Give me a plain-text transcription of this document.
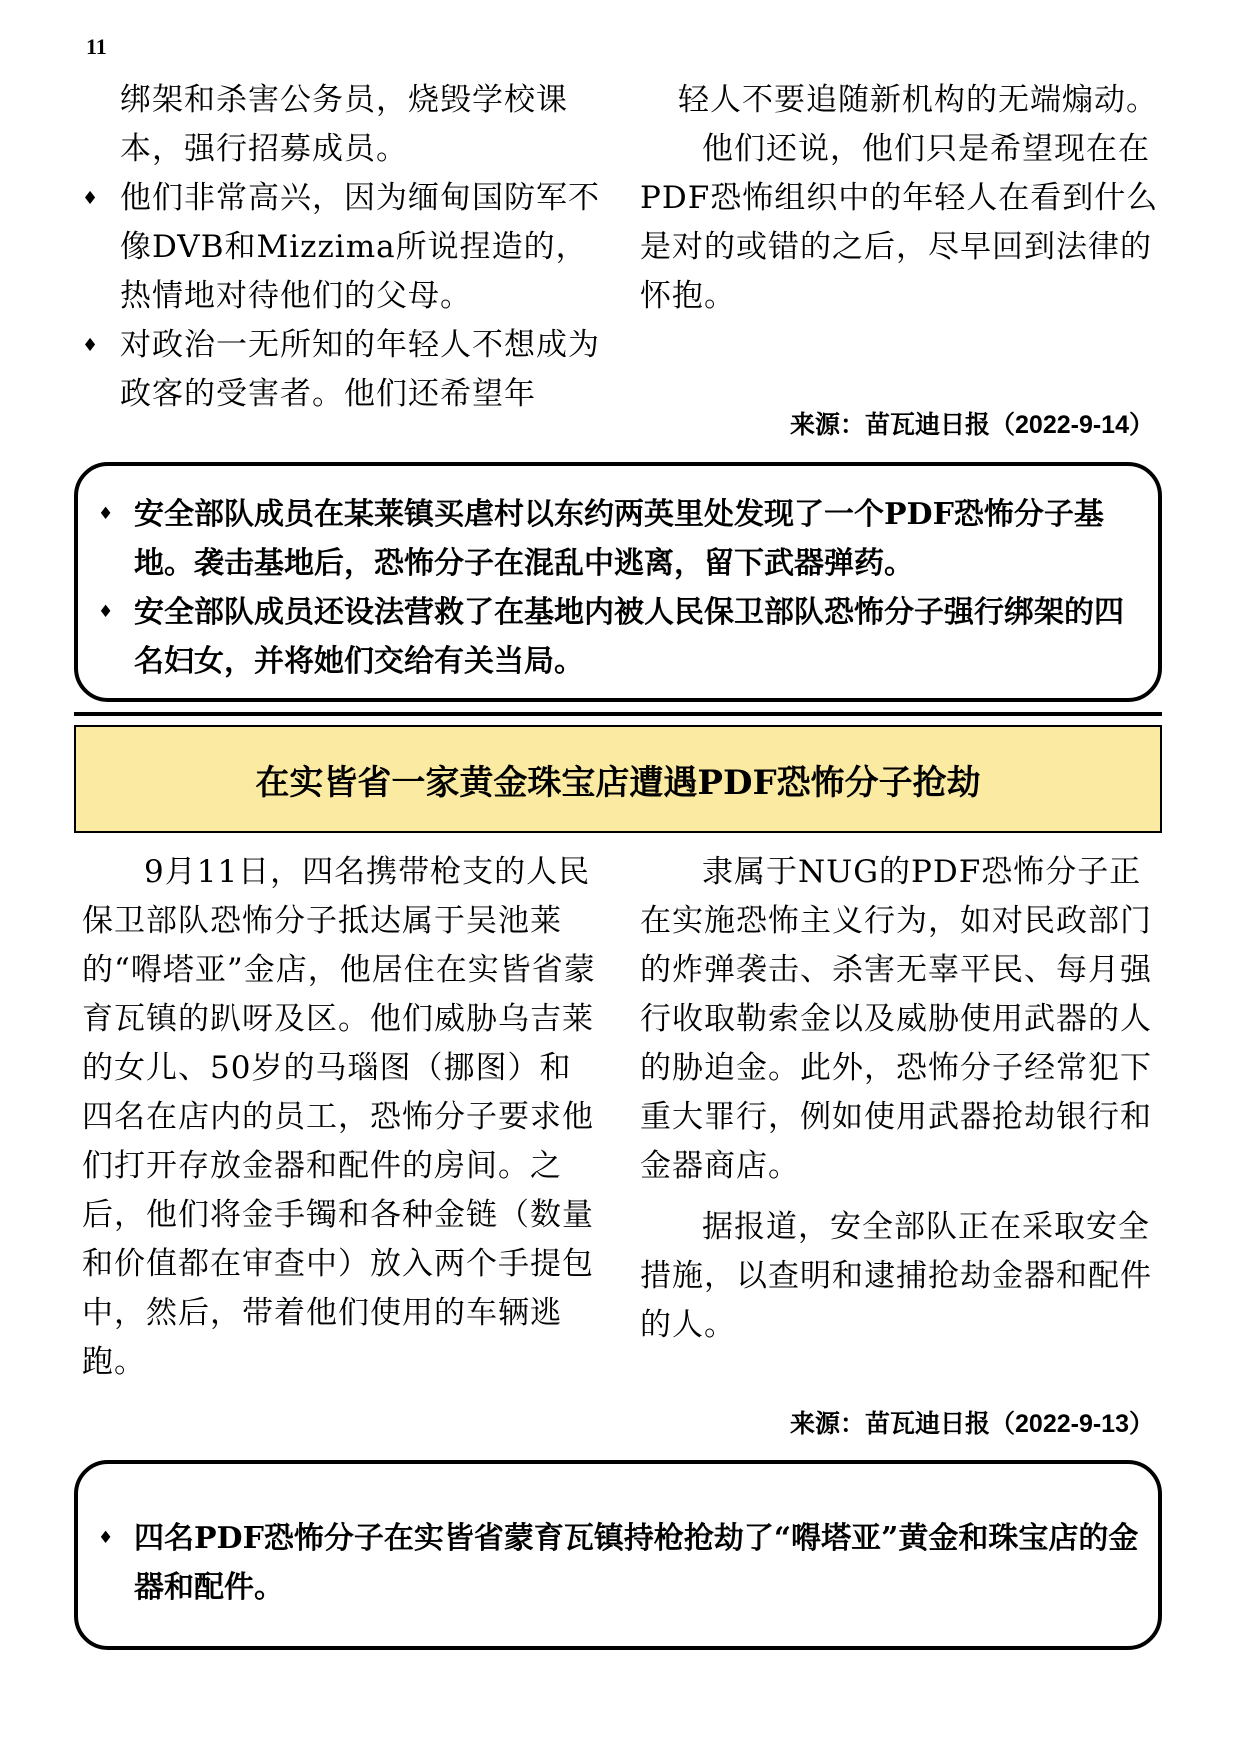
11

绑架和杀害公务员，烧毁学校课本，强行招募成员。

♦ 他们非常高兴，因为缅甸国防军不像DVB和Mizzima所说捏造的，热情地对待他们的父母。
♦ 对政治一无所知的年轻人不想成为政客的受害者。他们还希望年

轻人不要追随新机构的无端煽动。

他们还说，他们只是希望现在在PDF恐怖组织中的年轻人在看到什么是对的或错的之后，尽早回到法律的怀抱。

来源：苗瓦迪日报（2022-9-14）
♦ 安全部队成员在某莱镇买虐村以东约两英里处发现了一个PDF恐怖分子基地。袭击基地后，恐怖分子在混乱中逃离，留下武器弹药。
♦ 安全部队成员还设法营救了在基地内被人民保卫部队恐怖分子强行绑架的四名妇女，并将她们交给有关当局。
在实皆省一家黄金珠宝店遭遇PDF恐怖分子抢劫

9月11日，四名携带枪支的人民保卫部队恐怖分子抵达属于吴池莱的“嘚塔亚”金店，他居住在实皆省蒙育瓦镇的趴呀及区。他们威胁乌吉莱的女儿、50岁的马瑙图（挪图）和四名在店内的员工，恐怖分子要求他们打开存放金器和配件的房间。之后，他们将金手镯和各种金链（数量和价值都在审查中）放入两个手提包中，然后，带着他们使用的车辆逃跑。

隶属于NUG的PDF恐怖分子正在实施恐怖主义行为，如对民政部门的炸弹袭击、杀害无辜平民、每月强行收取勒索金以及威胁使用武器的人的胁迫金。此外，恐怖分子经常犯下重大罪行，例如使用武器抢劫银行和金器商店。

据报道，安全部队正在采取安全措施，以查明和逮捕抢劫金器和配件的人。

来源：苗瓦迪日报（2022-9-13）
♦ 四名PDF恐怖分子在实皆省蒙育瓦镇持枪抢劫了“嘚塔亚”黄金和珠宝店的金器和配件。
